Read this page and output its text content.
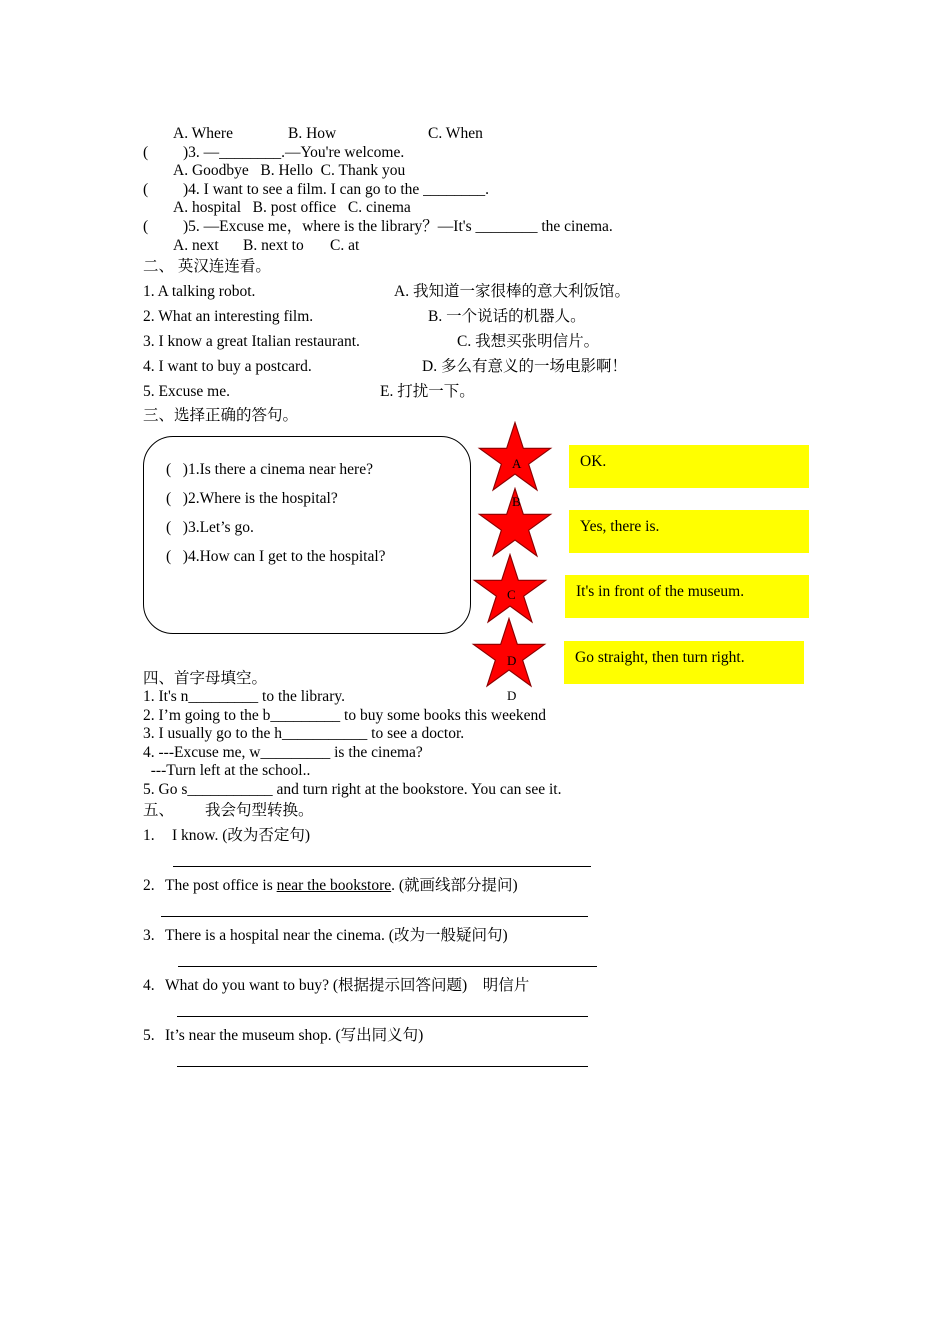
A. Where	B. How	C. When
( )3. —________.—You're welcome.
A. Goodbye   B. Hello  C. Thank you
( )4. I want to see a film. I can go to the ________.
A. hospital   B. post office   C. cinema
( )5. —Excuse me，where is the library？—It's ________ the cinema.
A. next B. next to C. at
二、 英汉连连看。
1. A talking robot.	A. 我知道一家很棒的意大利饭馆。
2. What an interesting film.	B. 一个说话的机器人。
3. I know a great Italian restaurant.	C. 我想买张明信片。
4. I want to buy a postcard.	D. 多么有意义的一场电影啊！
5. Excuse me.	E. 打扰一下。
三、选择正确的答句。
(   )1.Is there a cinema near here?
(   )2.Where is the hospital?
(   )3.Let’s go.
(   )4.How can I get to the hospital?
A
B
C
D
D
OK.
Yes, there is.
It's in front of the museum.
Go straight, then turn right.
四、首字母填空。
1. It's n_________ to the library.
2. I’m going to the b_________ to buy some books this weekend
3. I usually go to the h___________ to see a doctor.
4. ---Excuse me, w_________ is the cinema?
---Turn left at the school..
5. Go s___________ and turn right at the bookstore. You can see it.
五、        我会句型转换。
1. I know. (改为否定句)
2. The post office is near the bookstore. (就画线部分提问)
3. There is a hospital near the cinema. (改为一般疑问句)
4. What do you want to buy? (根据提示回答问题)    明信片
5. It’s near the museum shop. (写出同义句)
